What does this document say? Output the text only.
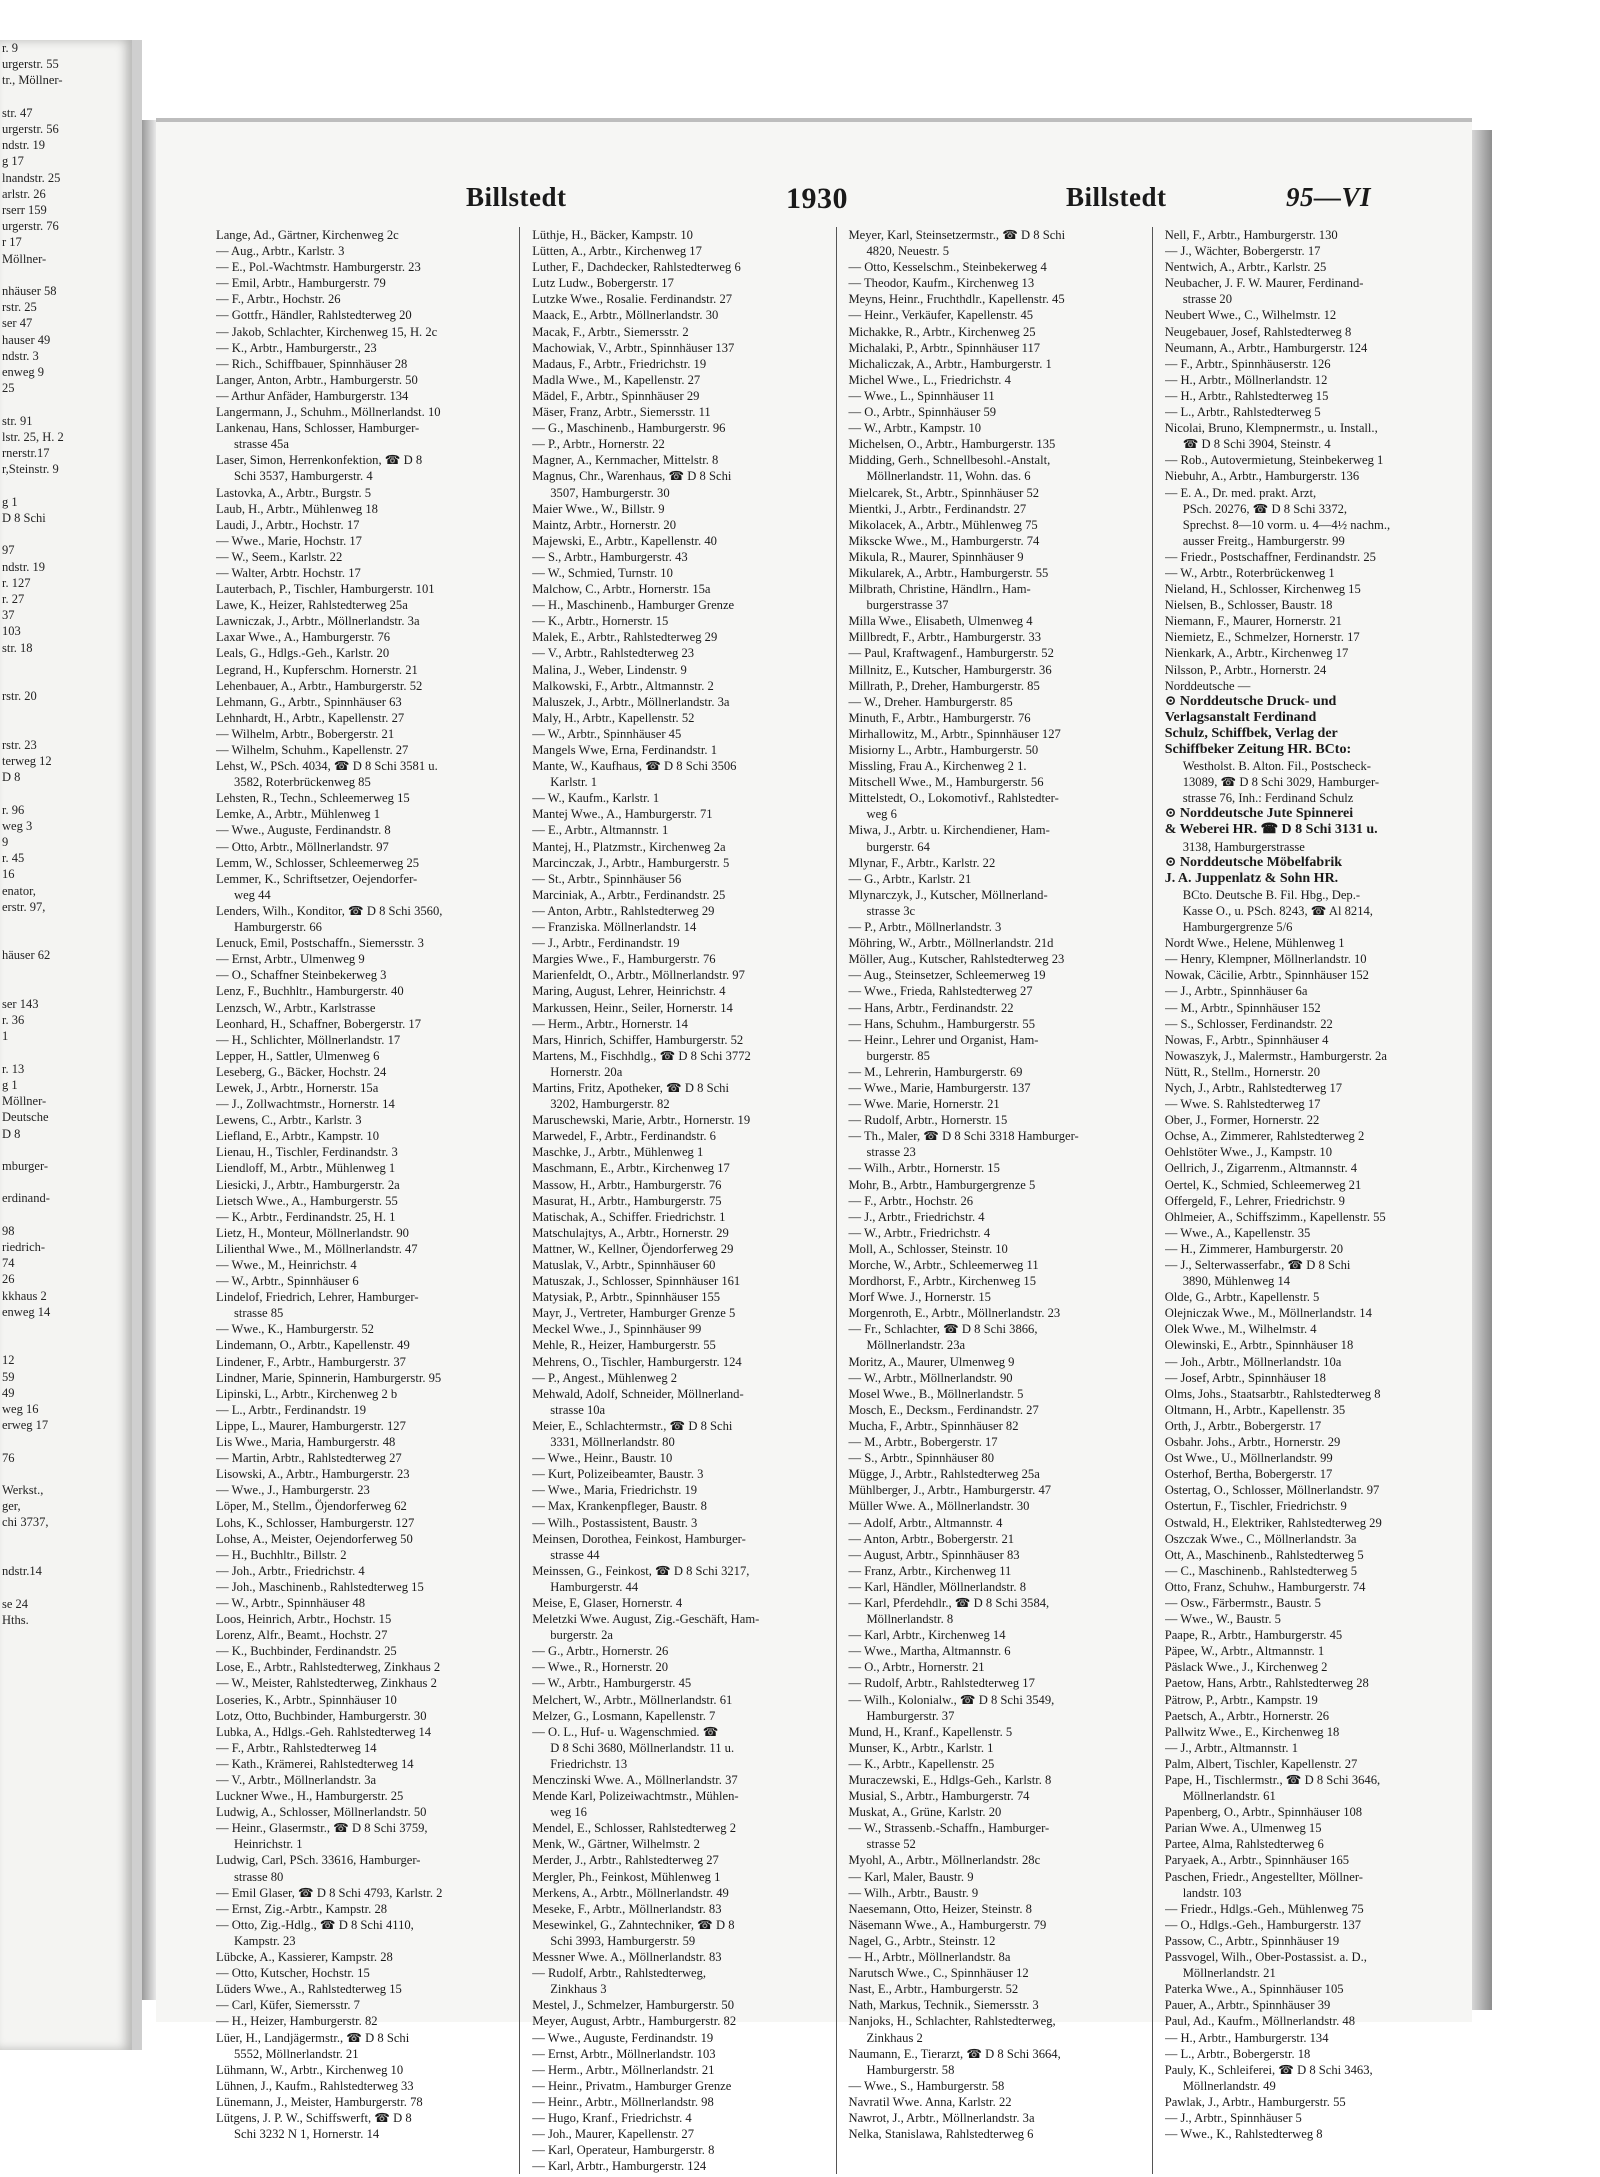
r. 9
urgerstr. 55
tr., Möllner-

str. 47
urgerstr. 56
ndstr. 19
g 17
lnandstr. 25
arlstr. 26
rserr 159
urgerstr. 76
r 17
Möllner-

nhäuser 58
rstr. 25
ser 47
hauser 49
ndstr. 3
enweg 9
25

str. 91
lstr. 25, H. 2
rnerstr.17
r,Steinstr. 9

g 1
D 8 Schi

97
ndstr. 19
r. 127
r. 27
37
103
str. 18

rstr. 20

rstr. 23
terweg 12
D 8

r. 96
weg 3
9
r. 45
16
enator,
erstr. 97,

häuser 62

ser 143
r. 36
1

r. 13
g 1
Möllner-
Deutsche
D 8

mburger-

erdinand-

98
riedrich-
74
26
kkhaus 2
enweg 14

12
59
49
weg 16
erweg 17

76

Werkst.,
ger,
chi 3737,

ndstr.14

se 24
Hths.
Billstedt	1930	Billstedt	95—VI
Lange, Ad., Gärtner, Kirchenweg 2c
— Aug., Arbtr., Karlstr. 3
— E., Pol.-Wachtmstr. Hamburgerstr. 23
— Emil, Arbtr., Hamburgerstr. 79
— F., Arbtr., Hochstr. 26
— Gottfr., Händler, Rahlstedterweg 20
— Jakob, Schlachter, Kirchenweg 15, H. 2c
— K., Arbtr., Hamburgerstr., 23
— Rich., Schiffbauer, Spinnhäuser 28
Langer, Anton, Arbtr., Hamburgerstr. 50
— Arthur Anfäder, Hamburgerstr. 134
Langermann, J., Schuhm., Möllnerlandst. 10
Lankenau, Hans, Schlosser, Hamburger-
strasse 45a
Laser, Simon, Herrenkonfektion, ☎ D 8
Schi 3537, Hamburgerstr. 4
Lastovka, A., Arbtr., Burgstr. 5
Laub, H., Arbtr., Mühlenweg 18
Laudi, J., Arbtr., Hochstr. 17
— Wwe., Marie, Hochstr. 17
— W., Seem., Karlstr. 22
— Walter, Arbtr. Hochstr. 17
Lauterbach, P., Tischler, Hamburgerstr. 101
Lawe, K., Heizer, Rahlstedterweg 25a
Lawniczak, J., Arbtr., Möllnerlandstr. 3a
Laxar Wwe., A., Hamburgerstr. 76
Leals, G., Hdlgs.-Geh., Karlstr. 20
Legrand, H., Kupferschm. Hornerstr. 21
Lehenbauer, A., Arbtr., Hamburgerstr. 52
Lehmann, G., Arbtr., Spinnhäuser 63
Lehnhardt, H., Arbtr., Kapellenstr. 27
— Wilhelm, Arbtr., Bobergerstr. 21
— Wilhelm, Schuhm., Kapellenstr. 27
Lehst, W., PSch. 4034, ☎ D 8 Schi 3581 u.
3582, Roterbrückenweg 85
Lehsten, R., Techn., Schleemerweg 15
Lemke, A., Arbtr., Mühlenweg 1
— Wwe., Auguste, Ferdinandstr. 8
— Otto, Arbtr., Möllnerlandstr. 97
Lemm, W., Schlosser, Schleemerweg 25
Lemmer, K., Schriftsetzer, Oejendorfer-
weg 44
Lenders, Wilh., Konditor, ☎ D 8 Schi 3560,
Hamburgerstr. 66
Lenuck, Emil, Postschaffn., Siemersstr. 3
— Ernst, Arbtr., Ulmenweg 9
— O., Schaffner Steinbekerweg 3
Lenz, F., Buchhltr., Hamburgerstr. 40
Lenzsch, W., Arbtr., Karlstrasse
Leonhard, H., Schaffner, Bobergerstr. 17
— H., Schlichter, Möllnerlandstr. 17
Lepper, H., Sattler, Ulmenweg 6
Leseberg, G., Bäcker, Hochstr. 24
Lewek, J., Arbtr., Hornerstr. 15a
— J., Zollwachtmstr., Hornerstr. 14
Lewens, C., Arbtr., Karlstr. 3
Liefland, E., Arbtr., Kampstr. 10
Lienau, H., Tischler, Ferdinandstr. 3
Liendloff, M., Arbtr., Mühlenweg 1
Liesicki, J., Arbtr., Hamburgerstr. 2a
Lietsch Wwe., A., Hamburgerstr. 55
— K., Arbtr., Ferdinandstr. 25, H. 1
Lietz, H., Monteur, Möllnerlandstr. 90
Lilienthal Wwe., M., Möllnerlandstr. 47
— Wwe., M., Heinrichstr. 4
— W., Arbtr., Spinnhäuser 6
Lindelof, Friedrich, Lehrer, Hamburger-
strasse 85
— Wwe., K., Hamburgerstr. 52
Lindemann, O., Arbtr., Kapellenstr. 49
Lindener, F., Arbtr., Hamburgerstr. 37
Lindner, Marie, Spinnerin, Hamburgerstr. 95
Lipinski, L., Arbtr., Kirchenweg 2 b
— L., Arbtr., Ferdinandstr. 19
Lippe, L., Maurer, Hamburgerstr. 127
Lis Wwe., Maria, Hamburgerstr. 48
— Martin, Arbtr., Rahlstedterweg 27
Lisowski, A., Arbtr., Hamburgerstr. 23
— Wwe., J., Hamburgerstr. 23
Löper, M., Stellm., Öjendorferweg 62
Lohs, K., Schlosser, Hamburgerstr. 127
Lohse, A., Meister, Oejendorferweg 50
— H., Buchhltr., Billstr. 2
— Joh., Arbtr., Friedrichstr. 4
— Joh., Maschinenb., Rahlstedterweg 15
— W., Arbtr., Spinnhäuser 48
Loos, Heinrich, Arbtr., Hochstr. 15
Lorenz, Alfr., Beamt., Hochstr. 27
— K., Buchbinder, Ferdinandstr. 25
Lose, E., Arbtr., Rahlstedterweg, Zinkhaus 2
— W., Meister, Rahlstedterweg, Zinkhaus 2
Loseries, K., Arbtr., Spinnhäuser 10
Lotz, Otto, Buchbinder, Hamburgerstr. 30
Lubka, A., Hdlgs.-Geh. Rahlstedterweg 14
— F., Arbtr., Rahlstedterweg 14
— Kath., Krämerei, Rahlstedterweg 14
— V., Arbtr., Möllnerlandstr. 3a
Luckner Wwe., H., Hamburgerstr. 25
Ludwig, A., Schlosser, Möllnerlandstr. 50
— Heinr., Glasermstr., ☎ D 8 Schi 3759,
Heinrichstr. 1
Ludwig, Carl, PSch. 33616, Hamburger-
strasse 80
— Emil Glaser, ☎ D 8 Schi 4793, Karlstr. 2
— Ernst, Zig.-Arbtr., Kampstr. 28
— Otto, Zig.-Hdlg., ☎ D 8 Schi 4110,
Kampstr. 23
Lübcke, A., Kassierer, Kampstr. 28
— Otto, Kutscher, Hochstr. 15
Lüders Wwe., A., Rahlstedterweg 15
— Carl, Küfer, Siemersstr. 7
— H., Heizer, Hamburgerstr. 82
Lüer, H., Landjägermstr., ☎ D 8 Schi
5552, Möllnerlandstr. 21
Lühmann, W., Arbtr., Kirchenweg 10
Lühnen, J., Kaufm., Rahlstedterweg 33
Lünemann, J., Meister, Hamburgerstr. 78
Lütgens, J. P. W., Schiffswerft, ☎ D 8
Schi 3232 N 1, Hornerstr. 14
Lüthje, H., Bäcker, Kampstr. 10
Lütten, A., Arbtr., Kirchenweg 17
Luther, F., Dachdecker, Rahlstedterweg 6
Lutz Ludw., Bobergerstr. 17
Lutzke Wwe., Rosalie. Ferdinandstr. 27
Maack, E., Arbtr., Möllnerlandstr. 30
Macak, F., Arbtr., Siemersstr. 2
Machowiak, V., Arbtr., Spinnhäuser 137
Madaus, F., Arbtr., Friedrichstr. 19
Madla Wwe., M., Kapellenstr. 27
Mädel, F., Arbtr., Spinnhäuser 29
Mäser, Franz, Arbtr., Siemersstr. 11
— G., Maschinenb., Hamburgerstr. 96
— P., Arbtr., Hornerstr. 22
Magner, A., Kernmacher, Mittelstr. 8
Magnus, Chr., Warenhaus, ☎ D 8 Schi
3507, Hamburgerstr. 30
Maier Wwe., W., Billstr. 9
Maintz, Arbtr., Hornerstr. 20
Majewski, E., Arbtr., Kapellenstr. 40
— S., Arbtr., Hamburgerstr. 43
— W., Schmied, Turnstr. 10
Malchow, C., Arbtr., Hornerstr. 15a
— H., Maschinenb., Hamburger Grenze
— K., Arbtr., Hornerstr. 15
Malek, E., Arbtr., Rahlstedterweg 29
— V., Arbtr., Rahlstedterweg 23
Malina, J., Weber, Lindenstr. 9
Malkowski, F., Arbtr., Altmannstr. 2
Maluszek, J., Arbtr., Möllnerlandstr. 3a
Maly, H., Arbtr., Kapellenstr. 52
— W., Arbtr., Spinnhäuser 45
Mangels Wwe, Erna, Ferdinandstr. 1
Mante, W., Kaufhaus, ☎ D 8 Schi 3506
Karlstr. 1
— W., Kaufm., Karlstr. 1
Mantej Wwe., A., Hamburgerstr. 71
— E., Arbtr., Altmannstr. 1
Mantej, H., Platzmstr., Kirchenweg 2a
Marcinczak, J., Arbtr., Hamburgerstr. 5
— St., Arbtr., Spinnhäuser 56
Marciniak, A., Arbtr., Ferdinandstr. 25
— Anton, Arbtr., Rahlstedterweg 29
— Franziska. Möllnerlandstr. 14
— J., Arbtr., Ferdinandstr. 19
Margies Wwe., F., Hamburgerstr. 76
Marienfeldt, O., Arbtr., Möllnerlandstr. 97
Maring, August, Lehrer, Heinrichstr. 4
Markussen, Heinr., Seiler, Hornerstr. 14
— Herm., Arbtr., Hornerstr. 14
Mars, Hinrich, Schiffer, Hamburgerstr. 52
Martens, M., Fischhdlg., ☎ D 8 Schi 3772
Hornerstr. 20a
Martins, Fritz, Apotheker, ☎ D 8 Schi
3202, Hamburgerstr. 82
Maruschewski, Marie, Arbtr., Hornerstr. 19
Marwedel, F., Arbtr., Ferdinandstr. 6
Maschke, J., Arbtr., Mühlenweg 1
Maschmann, E., Arbtr., Kirchenweg 17
Massow, H., Arbtr., Hamburgerstr. 76
Masurat, H., Arbtr., Hamburgerstr. 75
Matischak, A., Schiffer. Friedrichstr. 1
Matschulajtys, A., Arbtr., Hornerstr. 29
Mattner, W., Kellner, Öjendorferweg 29
Matuslak, V., Arbtr., Spinnhäuser 60
Matuszak, J., Schlosser, Spinnhäuser 161
Matysiak, P., Arbtr., Spinnhäuser 155
Mayr, J., Vertreter, Hamburger Grenze 5
Meckel Wwe., J., Spinnhäuser 99
Mehle, R., Heizer, Hamburgerstr. 55
Mehrens, O., Tischler, Hamburgerstr. 124
— P., Angest., Mühlenweg 2
Mehwald, Adolf, Schneider, Möllnerland-
strasse 10a
Meier, E., Schlachtermstr., ☎ D 8 Schi
3331, Möllnerlandstr. 80
— Wwe., Heinr., Baustr. 10
— Kurt, Polizeibeamter, Baustr. 3
— Wwe., Maria, Friedrichstr. 19
— Max, Krankenpfleger, Baustr. 8
— Wilh., Postassistent, Baustr. 3
Meinsen, Dorothea, Feinkost, Hamburger-
strasse 44
Meinssen, G., Feinkost, ☎ D 8 Schi 3217,
Hamburgerstr. 44
Meise, E, Glaser, Hornerstr. 4
Meletzki Wwe. August, Zig.-Geschäft, Ham-
burgerstr. 2a
— G., Arbtr., Hornerstr. 26
— Wwe., R., Hornerstr. 20
— W., Arbtr., Hamburgerstr. 45
Melchert, W., Arbtr., Möllnerlandstr. 61
Melzer, G., Losmann, Kapellenstr. 7
— O. L., Huf- u. Wagenschmied. ☎
D 8 Schi 3680, Möllnerlandstr. 11 u.
Friedrichstr. 13
Menczinski Wwe. A., Möllnerlandstr. 37
Mende Karl, Polizeiwachtmstr., Mühlen-
weg 16
Mendel, E., Schlosser, Rahlstedterweg 2
Menk, W., Gärtner, Wilhelmstr. 2
Merder, J., Arbtr., Rahlstedterweg 27
Mergler, Ph., Feinkost, Mühlenweg 1
Merkens, A., Arbtr., Möllnerlandstr. 49
Meseke, F., Arbtr., Möllnerlandstr. 83
Mesewinkel, G., Zahntechniker, ☎ D 8
Schi 3993, Hamburgerstr. 59
Messner Wwe. A., Möllnerlandstr. 83
— Rudolf, Arbtr., Rahlstedterweg,
Zinkhaus 3
Mestel, J., Schmelzer, Hamburgerstr. 50
Meyer, August, Arbtr., Hamburgerstr. 82
— Wwe., Auguste, Ferdinandstr. 19
— Ernst, Arbtr., Möllnerlandstr. 103
— Herm., Arbtr., Möllnerlandstr. 21
— Heinr., Privatm., Hamburger Grenze
— Heinr., Arbtr., Möllnerlandstr. 98
— Hugo, Kranf., Friedrichstr. 4
— Joh., Maurer, Kapellenstr. 27
— Karl, Operateur, Hamburgerstr. 8
— Karl, Arbtr., Hamburgerstr. 124
Meyer, Karl, Steinsetzermstr., ☎ D 8 Schi
4820, Neuestr. 5
— Otto, Kesselschm., Steinbekerweg 4
— Theodor, Kaufm., Kirchenweg 13
Meyns, Heinr., Fruchthdlr., Kapellenstr. 45
— Heinr., Verkäufer, Kapellenstr. 45
Michakke, R., Arbtr., Kirchenweg 25
Michalaki, P., Arbtr., Spinnhäuser 117
Michaliczak, A., Arbtr., Hamburgerstr. 1
Michel Wwe., L., Friedrichstr. 4
— Wwe., L., Spinnhäuser 11
— O., Arbtr., Spinnhäuser 59
— W., Arbtr., Kampstr. 10
Michelsen, O., Arbtr., Hamburgerstr. 135
Midding, Gerh., Schnellbesohl.-Anstalt,
Möllnerlandstr. 11, Wohn. das. 6
Mielcarek, St., Arbtr., Spinnhäuser 52
Mientki, J., Arbtr., Ferdinandstr. 27
Mikolacek, A., Arbtr., Mühlenweg 75
Mikscke Wwe., M., Hamburgerstr. 74
Mikula, R., Maurer, Spinnhäuser 9
Mikularek, A., Arbtr., Hamburgerstr. 55
Milbrath, Christine, Händlrn., Ham-
burgerstrasse 37
Milla Wwe., Elisabeth, Ulmenweg 4
Millbredt, F., Arbtr., Hamburgerstr. 33
— Paul, Kraftwagenf., Hamburgerstr. 52
Millnitz, E., Kutscher, Hamburgerstr. 36
Millrath, P., Dreher, Hamburgerstr. 85
— W., Dreher. Hamburgerstr. 85
Minuth, F., Arbtr., Hamburgerstr. 76
Mirhallowitz, M., Arbtr., Spinnhäuser 127
Misiorny L., Arbtr., Hamburgerstr. 50
Missling, Frau A., Kirchenweg 2 1.
Mitschell Wwe., M., Hamburgerstr. 56
Mittelstedt, O., Lokomotivf., Rahlstedter-
weg 6
Miwa, J., Arbtr. u. Kirchendiener, Ham-
burgerstr. 64
Mlynar, F., Arbtr., Karlstr. 22
— G., Arbtr., Karlstr. 21
Mlynarczyk, J., Kutscher, Möllnerland-
strasse 3c
— P., Arbtr., Möllnerlandstr. 3
Möhring, W., Arbtr., Möllnerlandstr. 21d
Möller, Aug., Kutscher, Rahlstedterweg 23
— Aug., Steinsetzer, Schleemerweg 19
— Wwe., Frieda, Rahlstedterweg 27
— Hans, Arbtr., Ferdinandstr. 22
— Hans, Schuhm., Hamburgerstr. 55
— Heinr., Lehrer und Organist, Ham-
burgerstr. 85
— M., Lehrerin, Hamburgerstr. 69
— Wwe., Marie, Hamburgerstr. 137
— Wwe. Marie, Hornerstr. 21
— Rudolf, Arbtr., Hornerstr. 15
— Th., Maler, ☎ D 8 Schi 3318 Hamburger-
strasse 23
— Wilh., Arbtr., Hornerstr. 15
Mohr, B., Arbtr., Hamburgergrenze 5
— F., Arbtr., Hochstr. 26
— J., Arbtr., Friedrichstr. 4
— W., Arbtr., Friedrichstr. 4
Moll, A., Schlosser, Steinstr. 10
Morche, W., Arbtr., Schleemerweg 11
Mordhorst, F., Arbtr., Kirchenweg 15
Morf Wwe. J., Hornerstr. 15
Morgenroth, E., Arbtr., Möllnerlandstr. 23
— Fr., Schlachter, ☎ D 8 Schi 3866,
Möllnerlandstr. 23a
Moritz, A., Maurer, Ulmenweg 9
— W., Arbtr., Möllnerlandstr. 90
Mosel Wwe., B., Möllnerlandstr. 5
Mosch, E., Decksm., Ferdinandstr. 27
Mucha, F., Arbtr., Spinnhäuser 82
— M., Arbtr., Bobergerstr. 17
— S., Arbtr., Spinnhäuser 80
Mügge, J., Arbtr., Rahlstedterweg 25a
Mühlberger, J., Arbtr., Hamburgerstr. 47
Müller Wwe. A., Möllnerlandstr. 30
— Adolf, Arbtr., Altmannstr. 4
— Anton, Arbtr., Bobergerstr. 21
— August, Arbtr., Spinnhäuser 83
— Franz, Arbtr., Kirchenweg 11
— Karl, Händler, Möllnerlandstr. 8
— Karl, Pferdehdlr., ☎ D 8 Schi 3584,
Möllnerlandstr. 8
— Karl, Arbtr., Kirchenweg 14
— Wwe., Martha, Altmannstr. 6
— O., Arbtr., Hornerstr. 21
— Rudolf, Arbtr., Rahlstedterweg 17
— Wilh., Kolonialw., ☎ D 8 Schi 3549,
Hamburgerstr. 37
Mund, H., Kranf., Kapellenstr. 5
Munser, K., Arbtr., Karlstr. 1
— K., Arbtr., Kapellenstr. 25
Muraczewski, E., Hdlgs-Geh., Karlstr. 8
Musial, S., Arbtr., Hamburgerstr. 74
Muskat, A., Grüne, Karlstr. 20
— W., Strassenb.-Schaffn., Hamburger-
strasse 52
Myohl, A., Arbtr., Möllnerlandstr. 28c
— Karl, Maler, Baustr. 9
— Wilh., Arbtr., Baustr. 9
Naesemann, Otto, Heizer, Steinstr. 8
Näsemann Wwe., A., Hamburgerstr. 79
Nagel, G., Arbtr., Steinstr. 12
— H., Arbtr., Möllnerlandstr. 8a
Narutsch Wwe., C., Spinnhäuser 12
Nast, E., Arbtr., Hamburgerstr. 52
Nath, Markus, Technik., Siemersstr. 3
Nanjoks, H., Schlachter, Rahlstedterweg,
Zinkhaus 2
Naumann, E., Tierarzt, ☎ D 8 Schi 3664,
Hamburgerstr. 58
— Wwe., S., Hamburgerstr. 58
Navratil Wwe. Anna, Karlstr. 22
Nawrot, J., Arbtr., Möllnerlandstr. 3a
Nelka, Stanislawa, Rahlstedterweg 6
Nell, F., Arbtr., Hamburgerstr. 130
— J., Wächter, Bobergerstr. 17
Nentwich, A., Arbtr., Karlstr. 25
Neubacher, J. F. W. Maurer, Ferdinand-
strasse 20
Neubert Wwe., C., Wilhelmstr. 12
Neugebauer, Josef, Rahlstedterweg 8
Neumann, A., Arbtr., Hamburgerstr. 124
— F., Arbtr., Spinnhäuserstr. 126
— H., Arbtr., Möllnerlandstr. 12
— H., Arbtr., Rahlstedterweg 15
— L., Arbtr., Rahlstedterweg 5
Nicolai, Bruno, Klempnermstr., u. Install.,
☎ D 8 Schi 3904, Steinstr. 4
— Rob., Autovermietung, Steinbekerweg 1
Niebuhr, A., Arbtr., Hamburgerstr. 136
— E. A., Dr. med. prakt. Arzt,
PSch. 20276, ☎ D 8 Schi 3372,
Sprechst. 8—10 vorm. u. 4—4½ nachm.,
ausser Freitg., Hamburgerstr. 99
— Friedr., Postschaffner, Ferdinandstr. 25
— W., Arbtr., Roterbrückenweg 1
Nieland, H., Schlosser, Kirchenweg 15
Nielsen, B., Schlosser, Baustr. 18
Niemann, F., Maurer, Hornerstr. 21
Niemietz, E., Schmelzer, Hornerstr. 17
Nienkark, A., Arbtr., Kirchenweg 17
Nilsson, P., Arbtr., Hornerstr. 24
Norddeutsche —
⊙ Norddeutsche Druck- und
Verlagsanstalt Ferdinand
Schulz, Schiffbek, Verlag der
Schiffbeker Zeitung HR. BCto:
Westholst. B. Alton. Fil., Postscheck-
13089, ☎ D 8 Schi 3029, Hamburger-
strasse 76, Inh.: Ferdinand Schulz
⊙ Norddeutsche Jute Spinnerei
& Weberei HR. ☎ D 8 Schi 3131 u.
3138, Hamburgerstrasse
⊙ Norddeutsche Möbelfabrik
J. A. Juppenlatz & Sohn HR.
BCto. Deutsche B. Fil. Hbg., Dep.-
Kasse O., u. PSch. 8243, ☎ Al 8214,
Hamburgergrenze 5/6
Nordt Wwe., Helene, Mühlenweg 1
— Henry, Klempner, Möllnerlandstr. 10
Nowak, Cäcilie, Arbtr., Spinnhäuser 152
— J., Arbtr., Spinnhäuser 6a
— M., Arbtr., Spinnhäuser 152
— S., Schlosser, Ferdinandstr. 22
Nowas, F., Arbtr., Spinnhäuser 4
Nowaszyk, J., Malermstr., Hamburgerstr. 2a
Nütt, R., Stellm., Hornerstr. 20
Nych, J., Arbtr., Rahlstedterweg 17
— Wwe. S. Rahlstedterweg 17
Ober, J., Former, Hornerstr. 22
Ochse, A., Zimmerer, Rahlstedterweg 2
Oehlstöter Wwe., J., Kampstr. 10
Oellrich, J., Zigarrenm., Altmannstr. 4
Oertel, K., Schmied, Schleemerweg 21
Offergeld, F., Lehrer, Friedrichstr. 9
Ohlmeier, A., Schiffszimm., Kapellenstr. 55
— Wwe., A., Kapellenstr. 35
— H., Zimmerer, Hamburgerstr. 20
— J., Selterwasserfabr., ☎ D 8 Schi
3890, Mühlenweg 14
Olde, G., Arbtr., Kapellenstr. 5
Olejniczak Wwe., M., Möllnerlandstr. 14
Olek Wwe., M., Wilhelmstr. 4
Olewinski, E., Arbtr., Spinnhäuser 18
— Joh., Arbtr., Möllnerlandstr. 10a
— Josef, Arbtr., Spinnhäuser 18
Olms, Johs., Staatsarbtr., Rahlstedterweg 8
Oltmann, H., Arbtr., Kapellenstr. 35
Orth, J., Arbtr., Bobergerstr. 17
Osbahr. Johs., Arbtr., Hornerstr. 29
Ost Wwe., U., Möllnerlandstr. 99
Osterhof, Bertha, Bobergerstr. 17
Ostertag, O., Schlosser, Möllnerlandstr. 97
Ostertun, F., Tischler, Friedrichstr. 9
Ostwald, H., Elektriker, Rahlstedterweg 29
Oszczak Wwe., C., Möllnerlandstr. 3a
Ott, A., Maschinenb., Rahlstedterweg 5
— C., Maschinenb., Rahlstedterweg 5
Otto, Franz, Schuhw., Hamburgerstr. 74
— Osw., Färbermstr., Baustr. 5
— Wwe., W., Baustr. 5
Paape, R., Arbtr., Hamburgerstr. 45
Päpee, W., Arbtr., Altmannstr. 1
Päslack Wwe., J., Kirchenweg 2
Paetow, Hans, Arbtr., Rahlstedterweg 28
Pätrow, P., Arbtr., Kampstr. 19
Paetsch, A., Arbtr., Hornerstr. 26
Pallwitz Wwe., E., Kirchenweg 18
— J., Arbtr., Altmannstr. 1
Palm, Albert, Tischler, Kapellenstr. 27
Pape, H., Tischlermstr., ☎ D 8 Schi 3646,
Möllnerlandstr. 61
Papenberg, O., Arbtr., Spinnhäuser 108
Parian Wwe. A., Ulmenweg 15
Partee, Alma, Rahlstedterweg 6
Paryaek, A., Arbtr., Spinnhäuser 165
Paschen, Friedr., Angestellter, Möllner-
landstr. 103
— Friedr., Hdlgs.-Geh., Mühlenweg 75
— O., Hdlgs.-Geh., Hamburgerstr. 137
Passow, C., Arbtr., Spinnhäuser 19
Passvogel, Wilh., Ober-Postassist. a. D.,
Möllnerlandstr. 21
Paterka Wwe., A., Spinnhäuser 105
Pauer, A., Arbtr., Spinnhäuser 39
Paul, Ad., Kaufm., Möllnerlandstr. 48
— H., Arbtr., Hamburgerstr. 134
— L., Arbtr., Bobergerstr. 18
Pauly, K., Schleiferei, ☎ D 8 Schi 3463,
Möllnerlandstr. 49
Pawlak, J., Arbtr., Hamburgerstr. 55
— J., Arbtr., Spinnhäuser 5
— Wwe., K., Rahlstedterweg 8
